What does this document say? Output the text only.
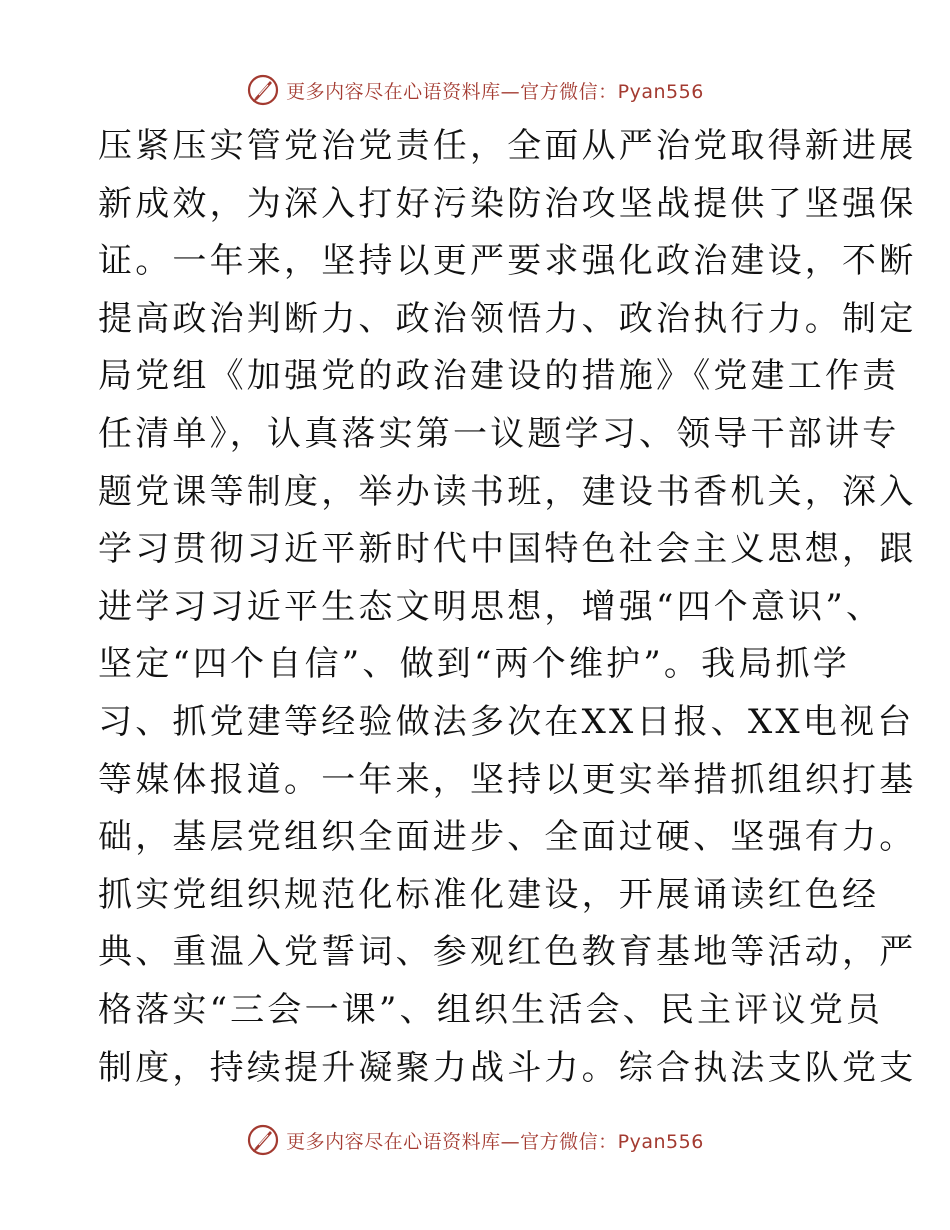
更多内容尽在心语资料库—官方微信：Pyan556
压紧压实管党治党责任，全面从严治党取得新进展
新成效，为深入打好污染防治攻坚战提供了坚强保
证。一年来，坚持以更严要求强化政治建设，不断
提高政治判断力、政治领悟力、政治执行力。制定
局党组《加强党的政治建设的措施》《党建工作责
任清单》，认真落实第一议题学习、领导干部讲专
题党课等制度，举办读书班，建设书香机关，深入
学习贯彻习近平新时代中国特色社会主义思想，跟
进学习习近平生态文明思想，增强“四个意识”、
坚定“四个自信”、做到“两个维护”。我局抓学
习、抓党建等经验做法多次在XX日报、XX电视台
等媒体报道。一年来，坚持以更实举措抓组织打基
础，基层党组织全面进步、全面过硬、坚强有力。
抓实党组织规范化标准化建设，开展诵读红色经
典、重温入党誓词、参观红色教育基地等活动，严
格落实“三会一课”、组织生活会、民主评议党员
制度，持续提升凝聚力战斗力。综合执法支队党支
更多内容尽在心语资料库—官方微信：Pyan556
